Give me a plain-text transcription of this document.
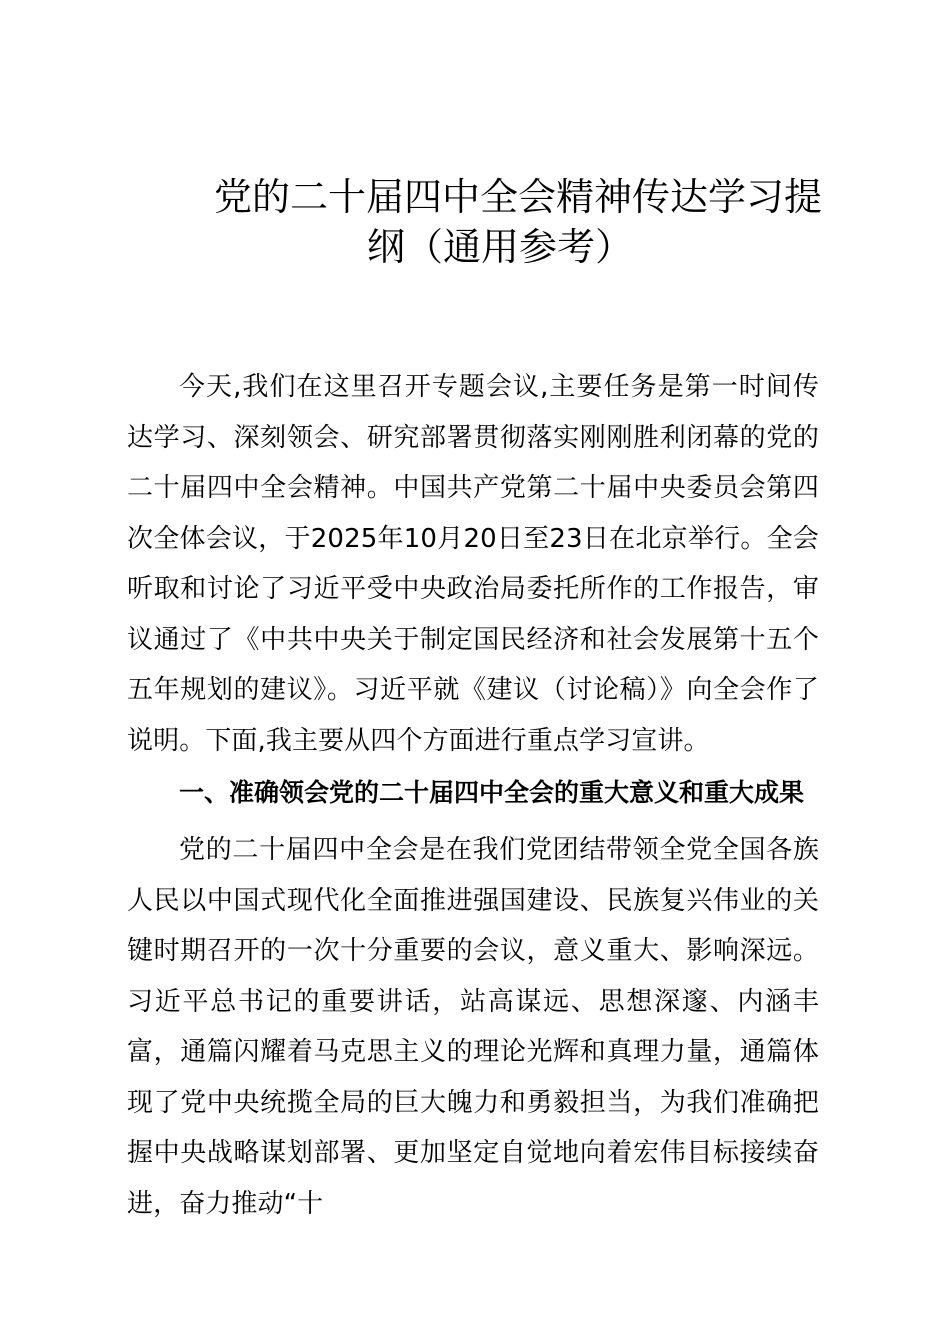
党的二十届四中全会精神传达学习提
纲（通用参考）

今天,我们在这里召开专题会议,主要任务是第一时间传达学习、深刻领会、研究部署贯彻落实刚刚胜利闭幕的党的二十届四中全会精神。中国共产党第二十届中央委员会第四次全体会议，于2025年10月20日至23日在北京举行。全会听取和讨论了习近平受中央政治局委托所作的工作报告，审议通过了《中共中央关于制定国民经济和社会发展第十五个五年规划的建议》。习近平就《建议（讨论稿）》向全会作了说明。下面,我主要从四个方面进行重点学习宣讲。

一、准确领会党的二十届四中全会的重大意义和重大成果

党的二十届四中全会是在我们党团结带领全党全国各族人民以中国式现代化全面推进强国建设、民族复兴伟业的关键时期召开的一次十分重要的会议，意义重大、影响深远。习近平总书记的重要讲话，站高谋远、思想深邃、内涵丰富，通篇闪耀着马克思主义的理论光辉和真理力量，通篇体现了党中央统揽全局的巨大魄力和勇毅担当，为我们准确把握中央战略谋划部署、更加坚定自觉地向着宏伟目标接续奋进，奋力推动“十
